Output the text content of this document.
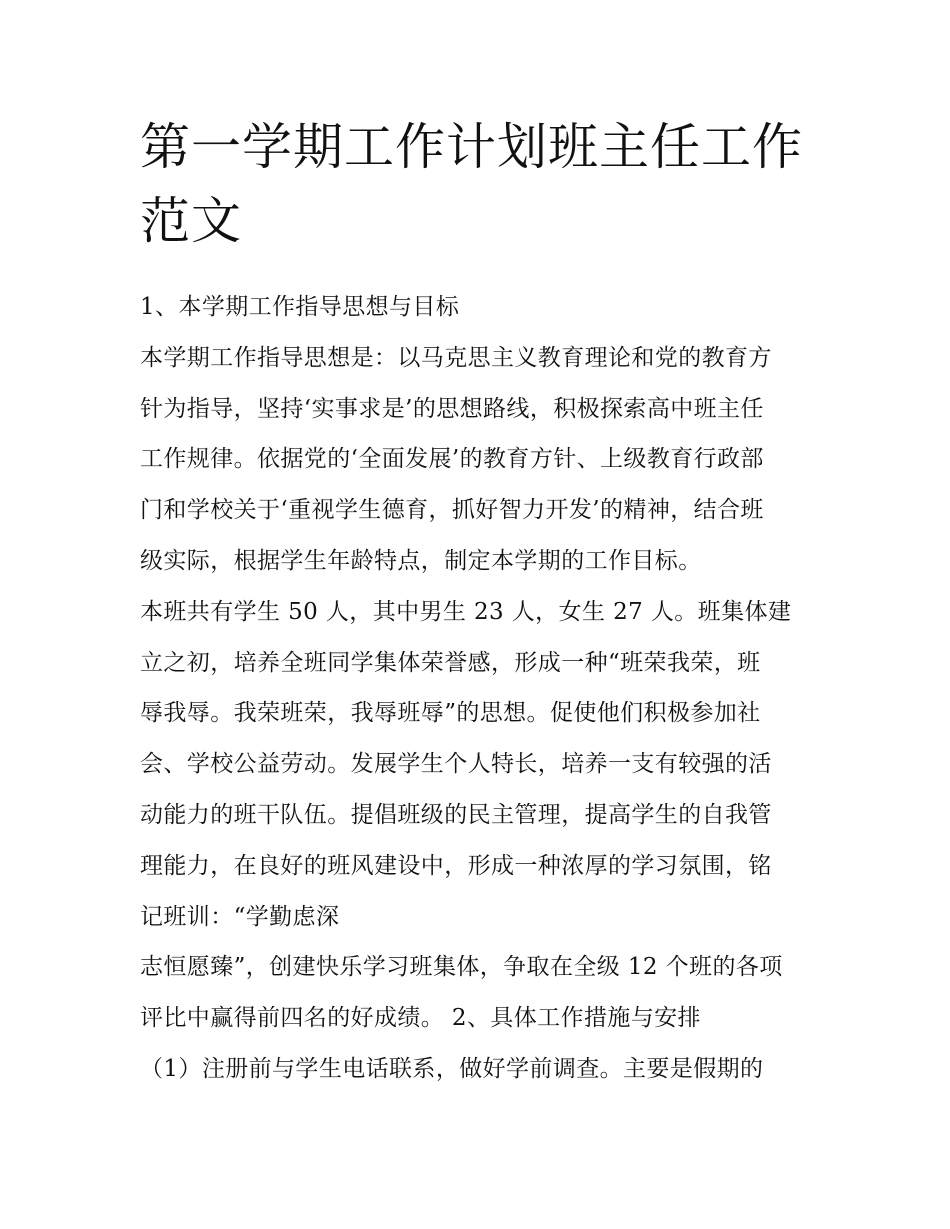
第一学期工作计划班主任工作
范文
1、本学期工作指导思想与目标
本学期工作指导思想是：以马克思主义教育理论和党的教育方
针为指导，坚持‘实事求是’的思想路线，积极探索高中班主任
工作规律。依据党的‘全面发展’的教育方针、上级教育行政部
门和学校关于‘重视学生德育，抓好智力开发’的精神，结合班
级实际，根据学生年龄特点，制定本学期的工作目标。
本班共有学生 50 人，其中男生 23 人，女生 27 人。班集体建
立之初，培养全班同学集体荣誉感，形成一种“班荣我荣，班
辱我辱。我荣班荣，我辱班辱”的思想。促使他们积极参加社
会、学校公益劳动。发展学生个人特长，培养一支有较强的活
动能力的班干队伍。提倡班级的民主管理，提高学生的自我管
理能力，在良好的班风建设中，形成一种浓厚的学习氛围，铭
记班训：“学勤虑深
志恒愿臻”，创建快乐学习班集体，争取在全级 12 个班的各项
评比中赢得前四名的好成绩。 2、具体工作措施与安排
（1）注册前与学生电话联系，做好学前调查。主要是假期的
